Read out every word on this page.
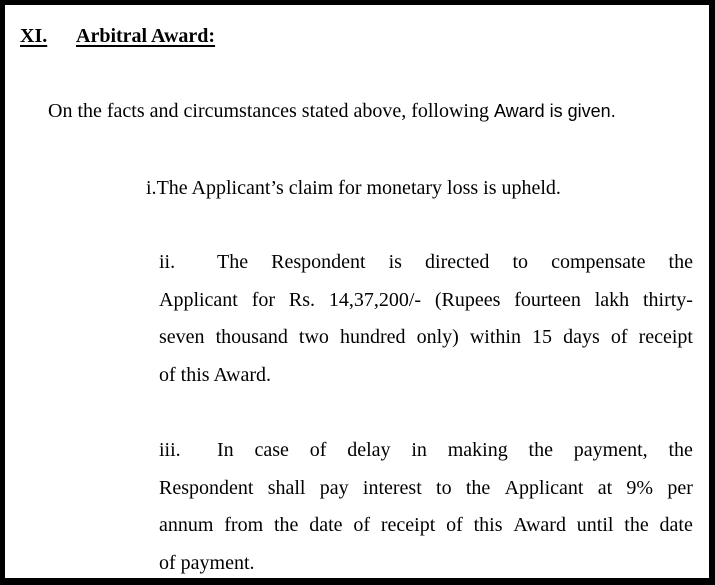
XI. Arbitral Award:
On the facts and circumstances stated above, following Award is given.
i.The Applicant’s claim for monetary loss is upheld.
ii.	The Respondent is directed to compensate the
Applicant for Rs. 14,37,200/- (Rupees fourteen lakh thirty-
seven thousand two hundred only) within 15 days of receipt
of this Award.
iii.	In case of delay in making the payment, the
Respondent shall pay interest to the Applicant at 9% per
annum from the date of receipt of this Award until the date
of payment.
